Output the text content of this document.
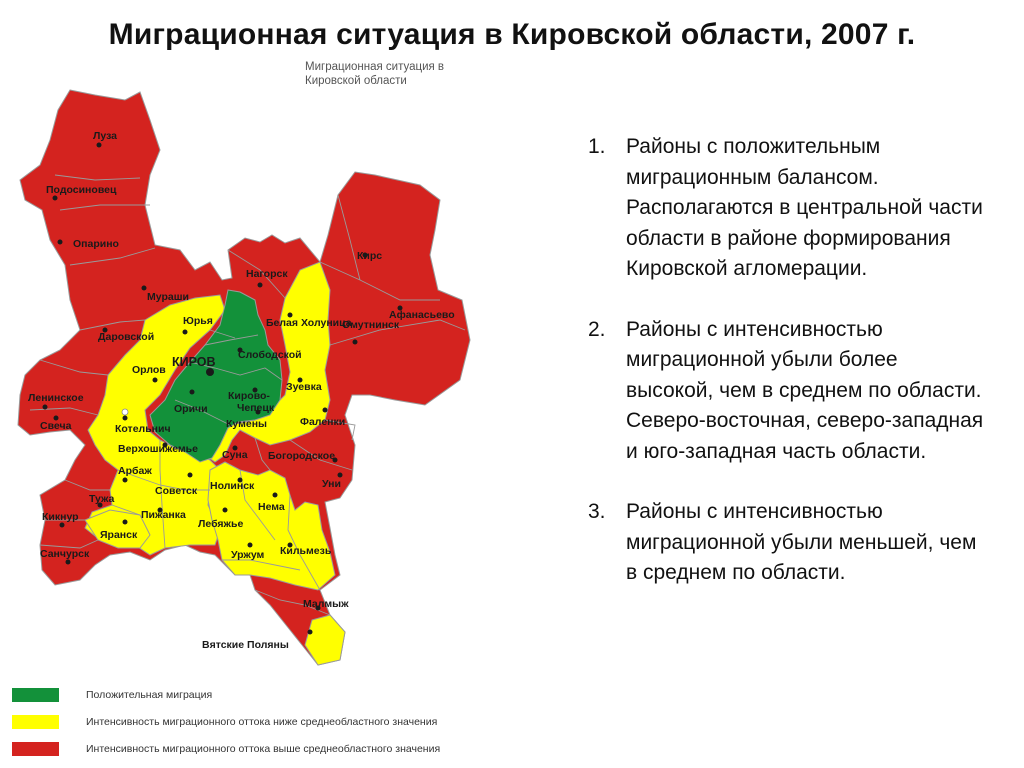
Миграционная ситуация в Кировской области, 2007 г.
Миграционная ситуация в
Кировской области
Луза
Подосиновец
Опарино
Мураши
Даровской
Ленинское
Свеча	Котельнич
Орлов
Юрья
КИРОВ
Оричи
Верхошижемье
Арбаж
Тужа
Советск
Пижанка
Кикнур
Яранск
Санчурск
Нолинск
Лебяжье
Уржум
Нема
Кильмезь
Малмыж
Вятские Поляны
Суна Богородское
Уни
Кумены
Кирово-
Чепецк
Зуевка
Фаленки
Слободской
Белая Холуница
Омутнинск
Афанасьево
Кирс
Нагорск
1. Районы с положительным миграционным балансом. Располагаются в центральной части области в районе формирования Кировской агломерации.
2. Районы с интенсивностью миграционной убыли более высокой, чем в среднем по области. Северо-восточная, северо-западная и юго-западная часть области.
3. Районы с интенсивностью миграционной убыли меньшей, чем в среднем по области.
Положительная миграция
Интенсивность миграционного оттока ниже среднеобластного значения
Интенсивность миграционного оттока выше среднеобластного значения
